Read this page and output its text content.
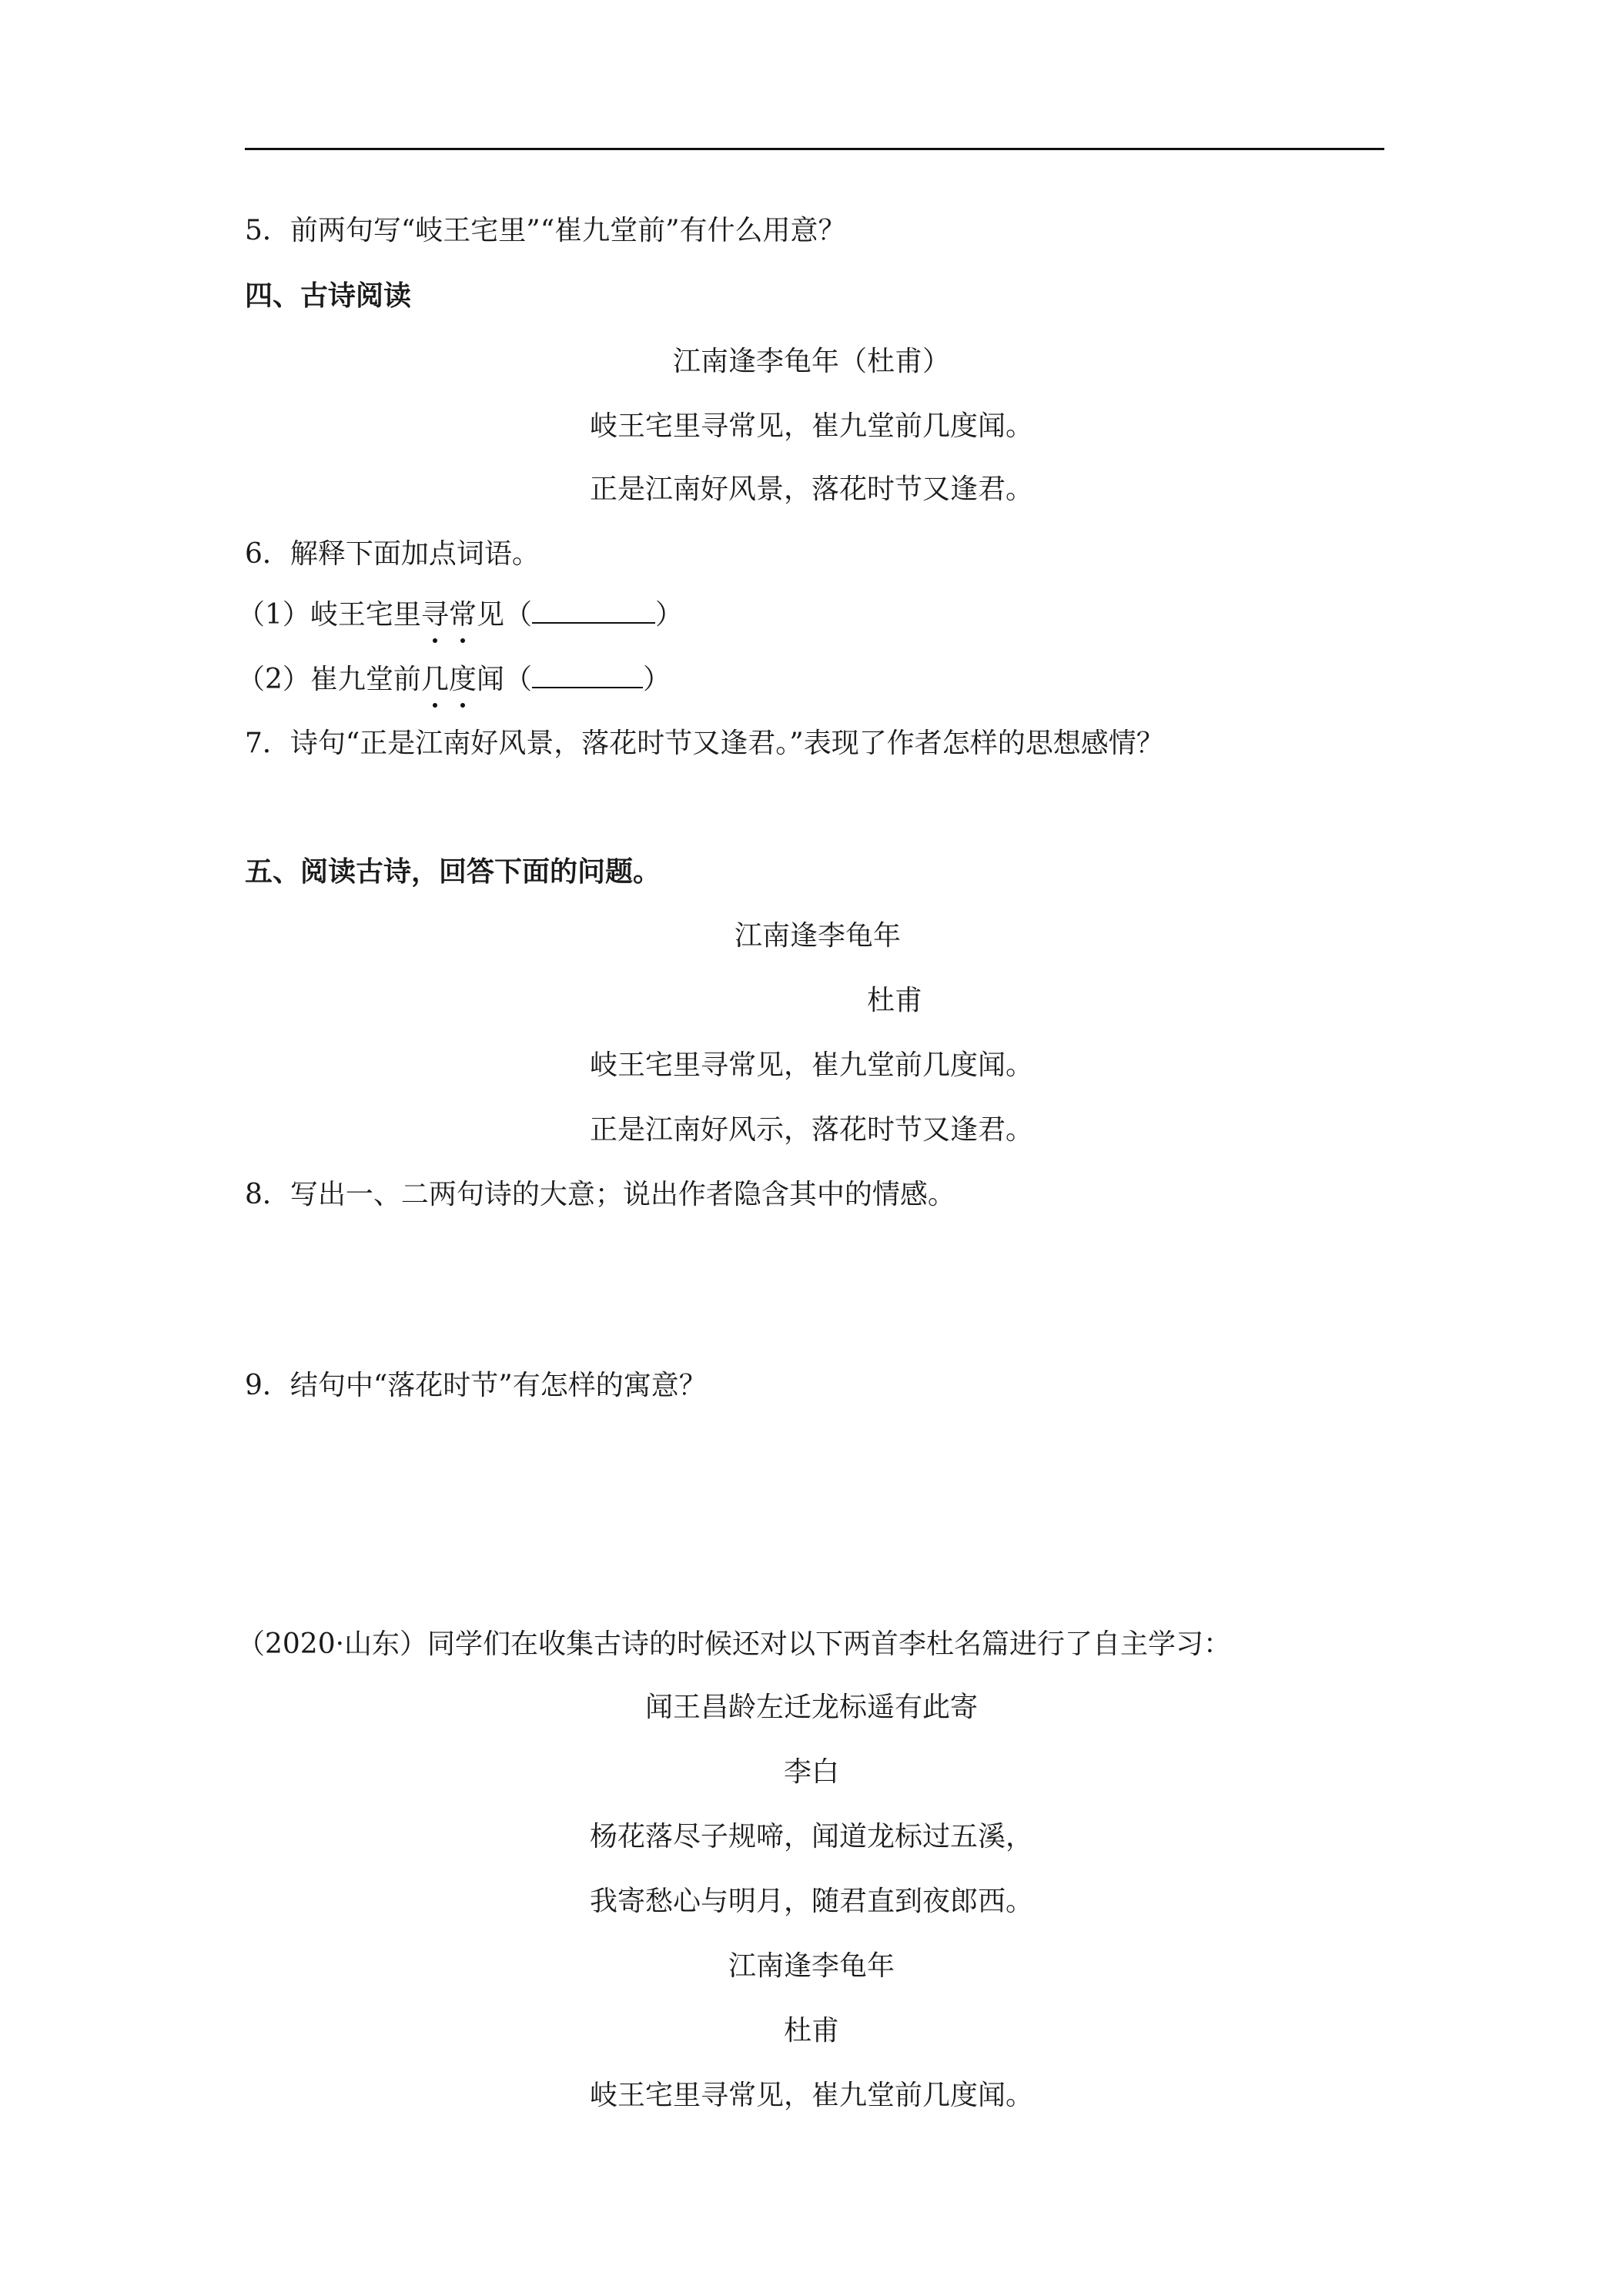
5．前两句写“岐王宅里”“崔九堂前”有什么用意？
四、古诗阅读
江南逢李龟年（杜甫）
岐王宅里寻常见，崔九堂前几度闻。
正是江南好风景，落花时节又逢君。
6．解释下面加点词语。
（1）岐王宅里寻常见（	）
（2）崔九堂前几度闻（	）
7．诗句“正是江南好风景，落花时节又逢君。”表现了作者怎样的思想感情？
五、阅读古诗，回答下面的问题。
江南逢李龟年
杜甫
岐王宅里寻常见，崔九堂前几度闻。
正是江南好风示，落花时节又逢君。
8．写出一、二两句诗的大意；说出作者隐含其中的情感。
9．结句中“落花时节”有怎样的寓意？
（2020·山东）同学们在收集古诗的时候还对以下两首李杜名篇进行了自主学习：
闻王昌龄左迁龙标遥有此寄
李白
杨花落尽子规啼，闻道龙标过五溪，
我寄愁心与明月，随君直到夜郎西。
江南逢李龟年
杜甫
岐王宅里寻常见，崔九堂前几度闻。
